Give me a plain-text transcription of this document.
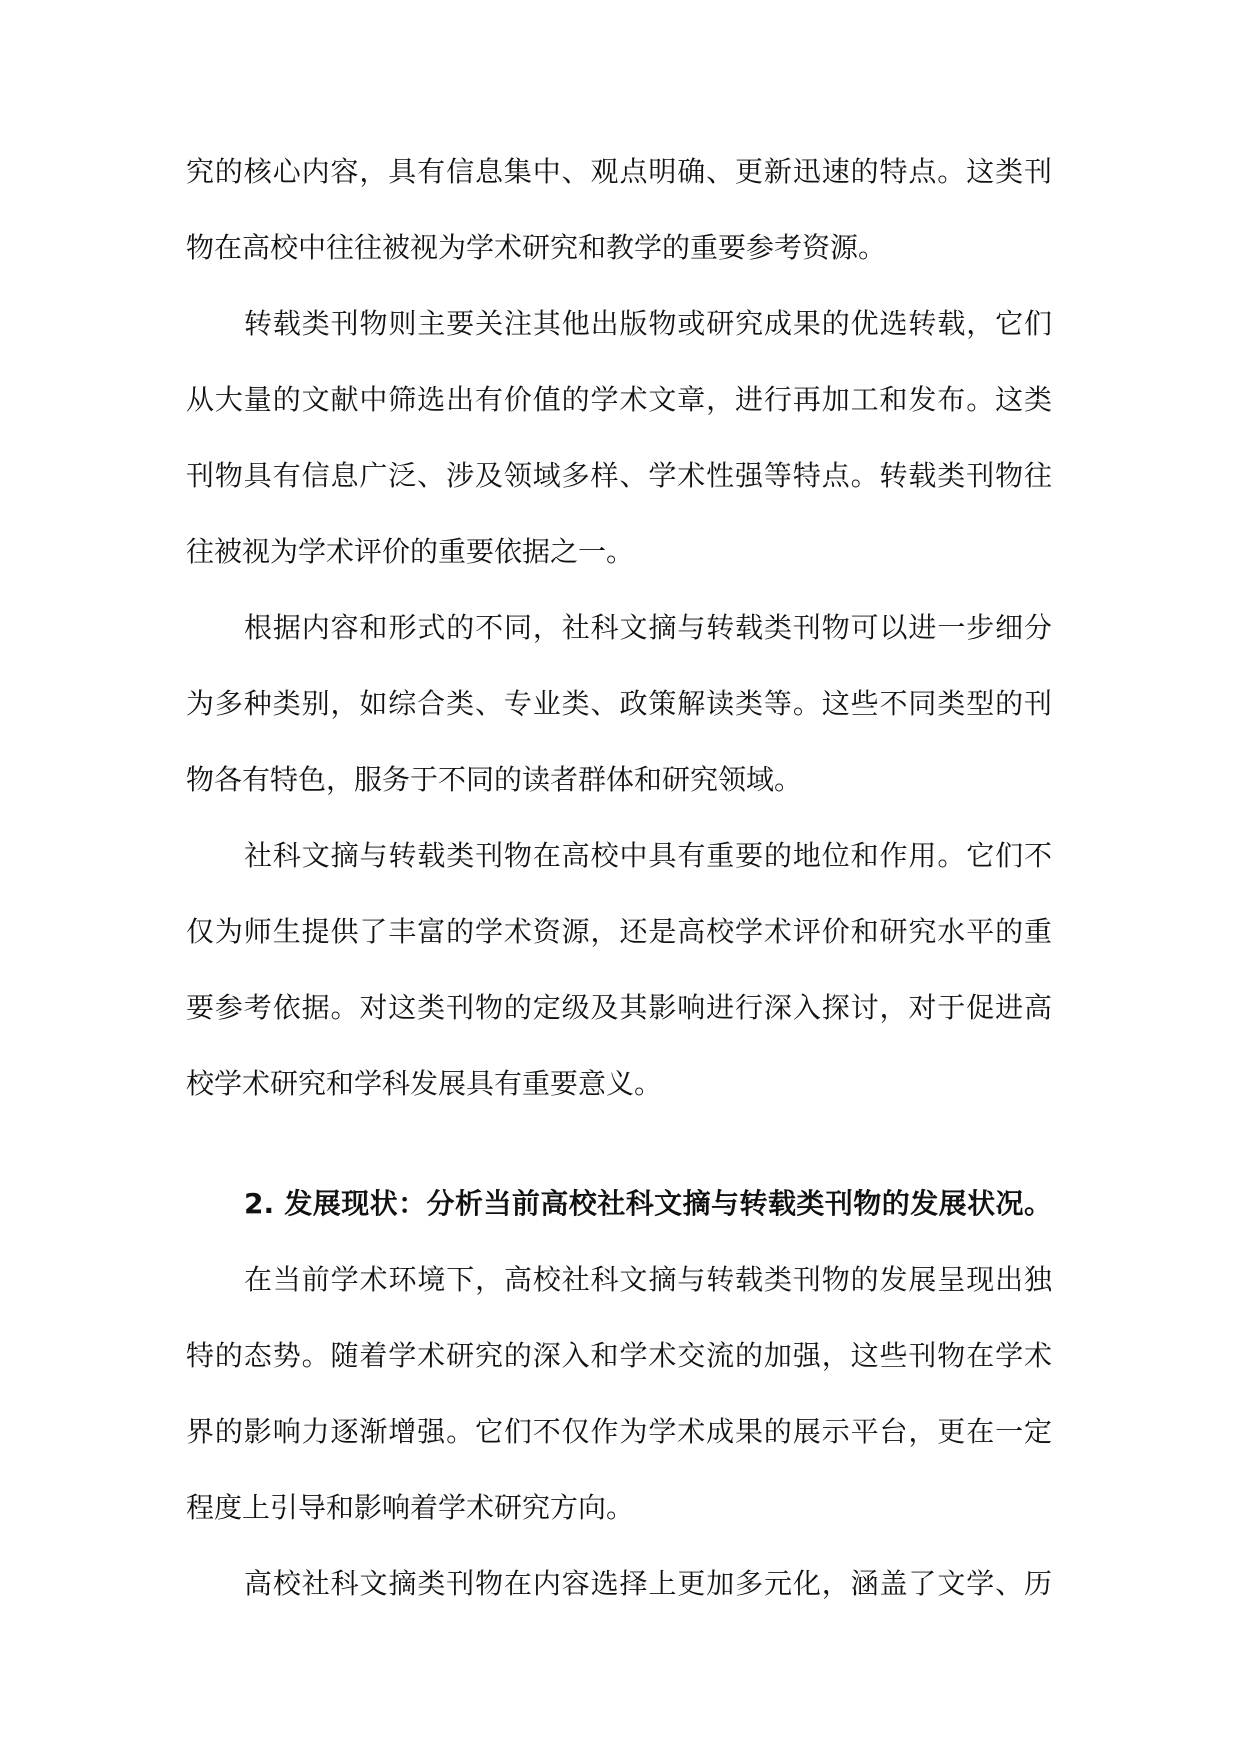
究的核心内容，具有信息集中、观点明确、更新迅速的特点。这类刊
物在高校中往往被视为学术研究和教学的重要参考资源。
转载类刊物则主要关注其他出版物或研究成果的优选转载，它们
从大量的文献中筛选出有价值的学术文章，进行再加工和发布。这类
刊物具有信息广泛、涉及领域多样、学术性强等特点。转载类刊物往
往被视为学术评价的重要依据之一。
根据内容和形式的不同，社科文摘与转载类刊物可以进一步细分
为多种类别，如综合类、专业类、政策解读类等。这些不同类型的刊
物各有特色，服务于不同的读者群体和研究领域。
社科文摘与转载类刊物在高校中具有重要的地位和作用。它们不
仅为师生提供了丰富的学术资源，还是高校学术评价和研究水平的重
要参考依据。对这类刊物的定级及其影响进行深入探讨，对于促进高
校学术研究和学科发展具有重要意义。
2. 发展现状：分析当前高校社科文摘与转载类刊物的发展状况。
在当前学术环境下，高校社科文摘与转载类刊物的发展呈现出独
特的态势。随着学术研究的深入和学术交流的加强，这些刊物在学术
界的影响力逐渐增强。它们不仅作为学术成果的展示平台，更在一定
程度上引导和影响着学术研究方向。
高校社科文摘类刊物在内容选择上更加多元化，涵盖了文学、历
